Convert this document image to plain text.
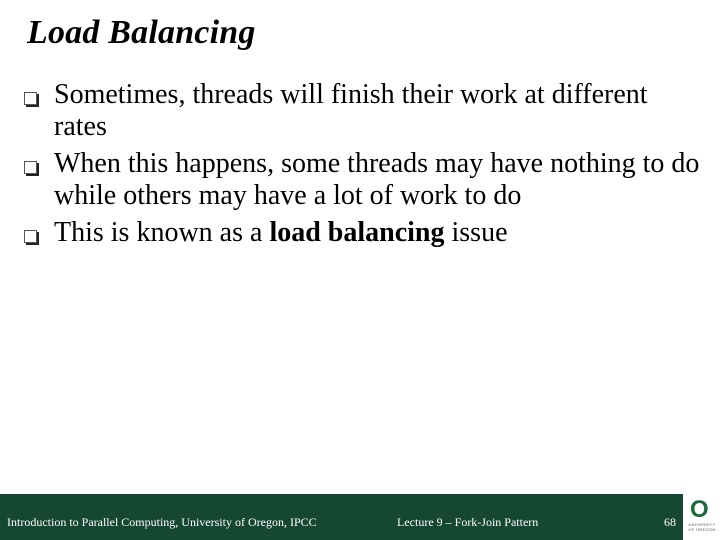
Load Balancing
Sometimes, threads will finish their work at different rates
When this happens, some threads may have nothing to do while others may have a lot of work to do
This is known as a load balancing issue
Introduction to Parallel Computing, University of Oregon, IPCC	Lecture 9 – Fork-Join Pattern	68 O
UNIVERSITY
OF OREGON
